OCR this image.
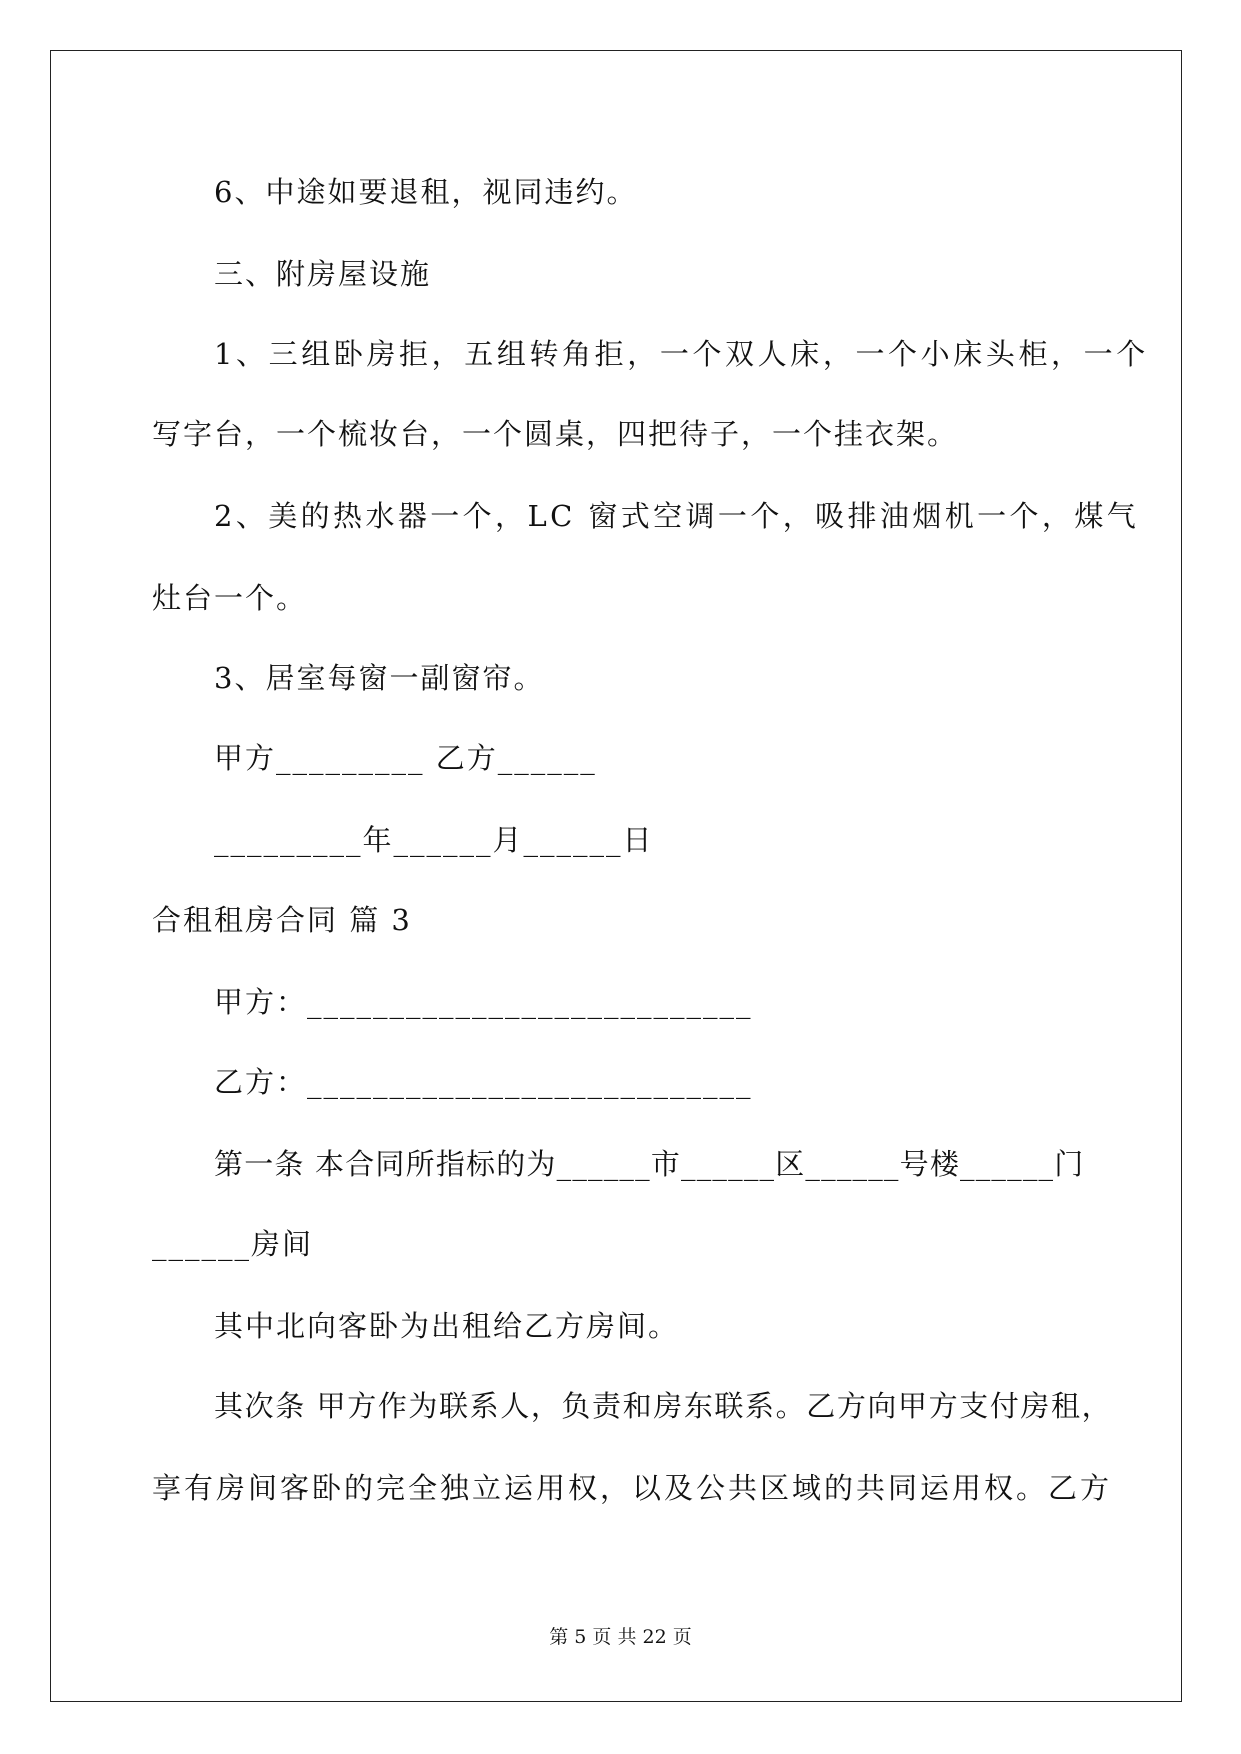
6、中途如要退租，视同违约。
三、附房屋设施
1、三组卧房拒，五组转角拒，一个双人床，一个小床头柜，一个
写字台，一个梳妆台，一个圆桌，四把待子，一个挂衣架。
2、美的热水器一个，LC 窗式空调一个，吸排油烟机一个，煤气
灶台一个。
3、居室每窗一副窗帘。
甲方_________ 乙方______
_________年______月______日
合租租房合同 篇 3
甲方：___________________________
乙方：___________________________
第一条 本合同所指标的为______市______区______号楼______门
______房间
其中北向客卧为出租给乙方房间。
其次条 甲方作为联系人，负责和房东联系。乙方向甲方支付房租，
享有房间客卧的完全独立运用权，以及公共区域的共同运用权。乙方
第 5 页 共 22 页
